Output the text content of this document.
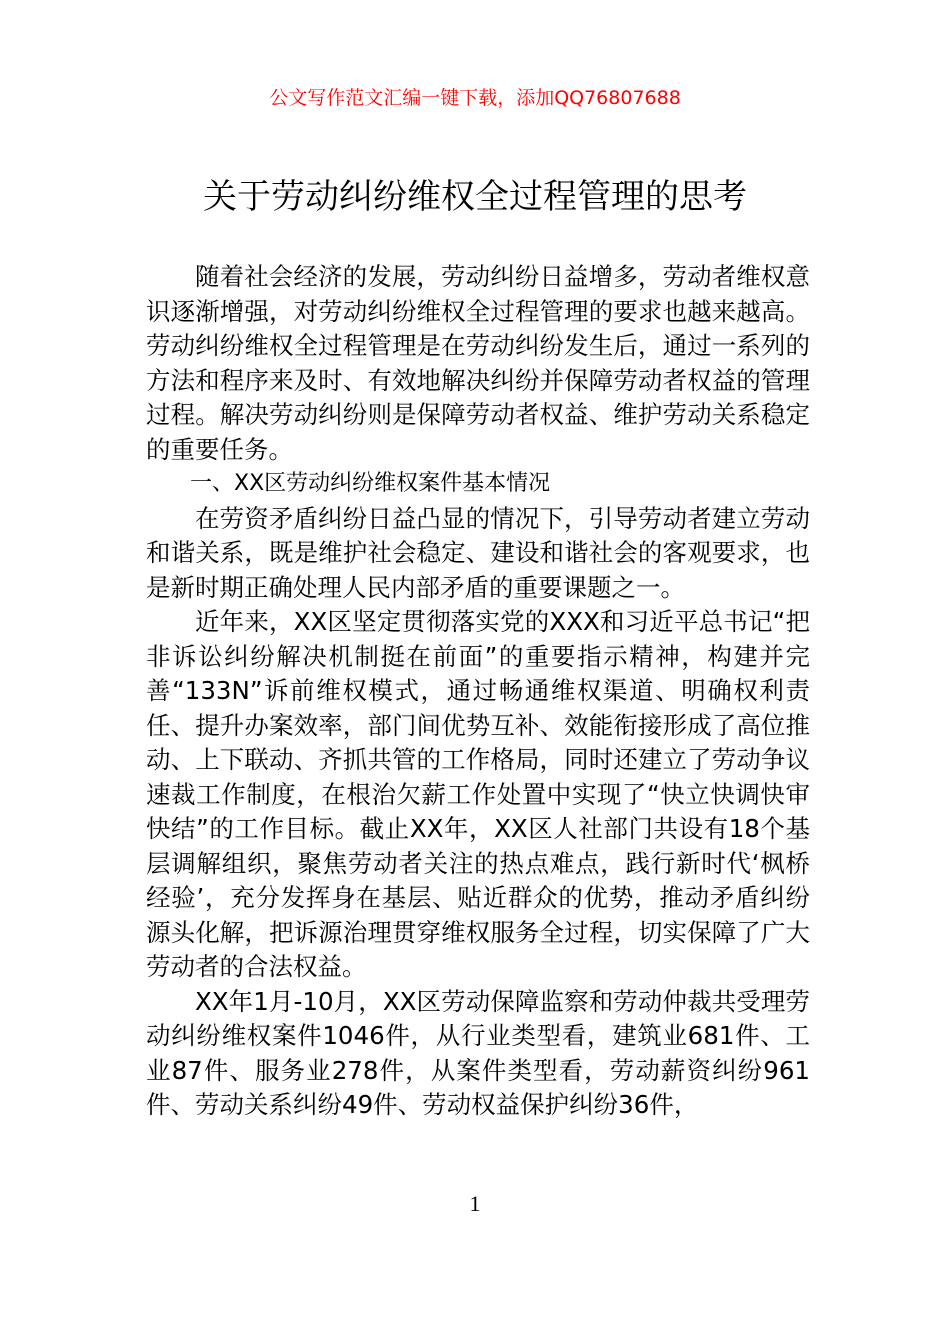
公文写作范文汇编一键下载，添加QQ76807688
关于劳动纠纷维权全过程管理的思考

随着社会经济的发展，劳动纠纷日益增多，劳动者维权意识逐渐增强，对劳动纠纷维权全过程管理的要求也越来越高。劳动纠纷维权全过程管理是在劳动纠纷发生后，通过一系列的方法和程序来及时、有效地解决纠纷并保障劳动者权益的管理过程。解决劳动纠纷则是保障劳动者权益、维护劳动关系稳定的重要任务。

一、XX区劳动纠纷维权案件基本情况

在劳资矛盾纠纷日益凸显的情况下，引导劳动者建立劳动和谐关系，既是维护社会稳定、建设和谐社会的客观要求，也是新时期正确处理人民内部矛盾的重要课题之一。

近年来，XX区坚定贯彻落实党的XXX和习近平总书记“把非诉讼纠纷解决机制挺在前面”的重要指示精神，构建并完善“133N”诉前维权模式，通过畅通维权渠道、明确权利责任、提升办案效率，部门间优势互补、效能衔接形成了高位推动、上下联动、齐抓共管的工作格局，同时还建立了劳动争议速裁工作制度，在根治欠薪工作处置中实现了“快立快调快审快结”的工作目标。截止XX年，XX区人社部门共设有18个基层调解组织，聚焦劳动者关注的热点难点，践行新时代‘枫桥经验’，充分发挥身在基层、贴近群众的优势，推动矛盾纠纷源头化解，把诉源治理贯穿维权服务全过程，切实保障了广大劳动者的合法权益。

XX年1月-10月，XX区劳动保障监察和劳动仲裁共受理劳动纠纷维权案件1046件，从行业类型看，建筑业681件、工业87件、服务业278件，从案件类型看，劳动薪资纠纷961件、劳动关系纠纷49件、劳动权益保护纠纷36件，

1
